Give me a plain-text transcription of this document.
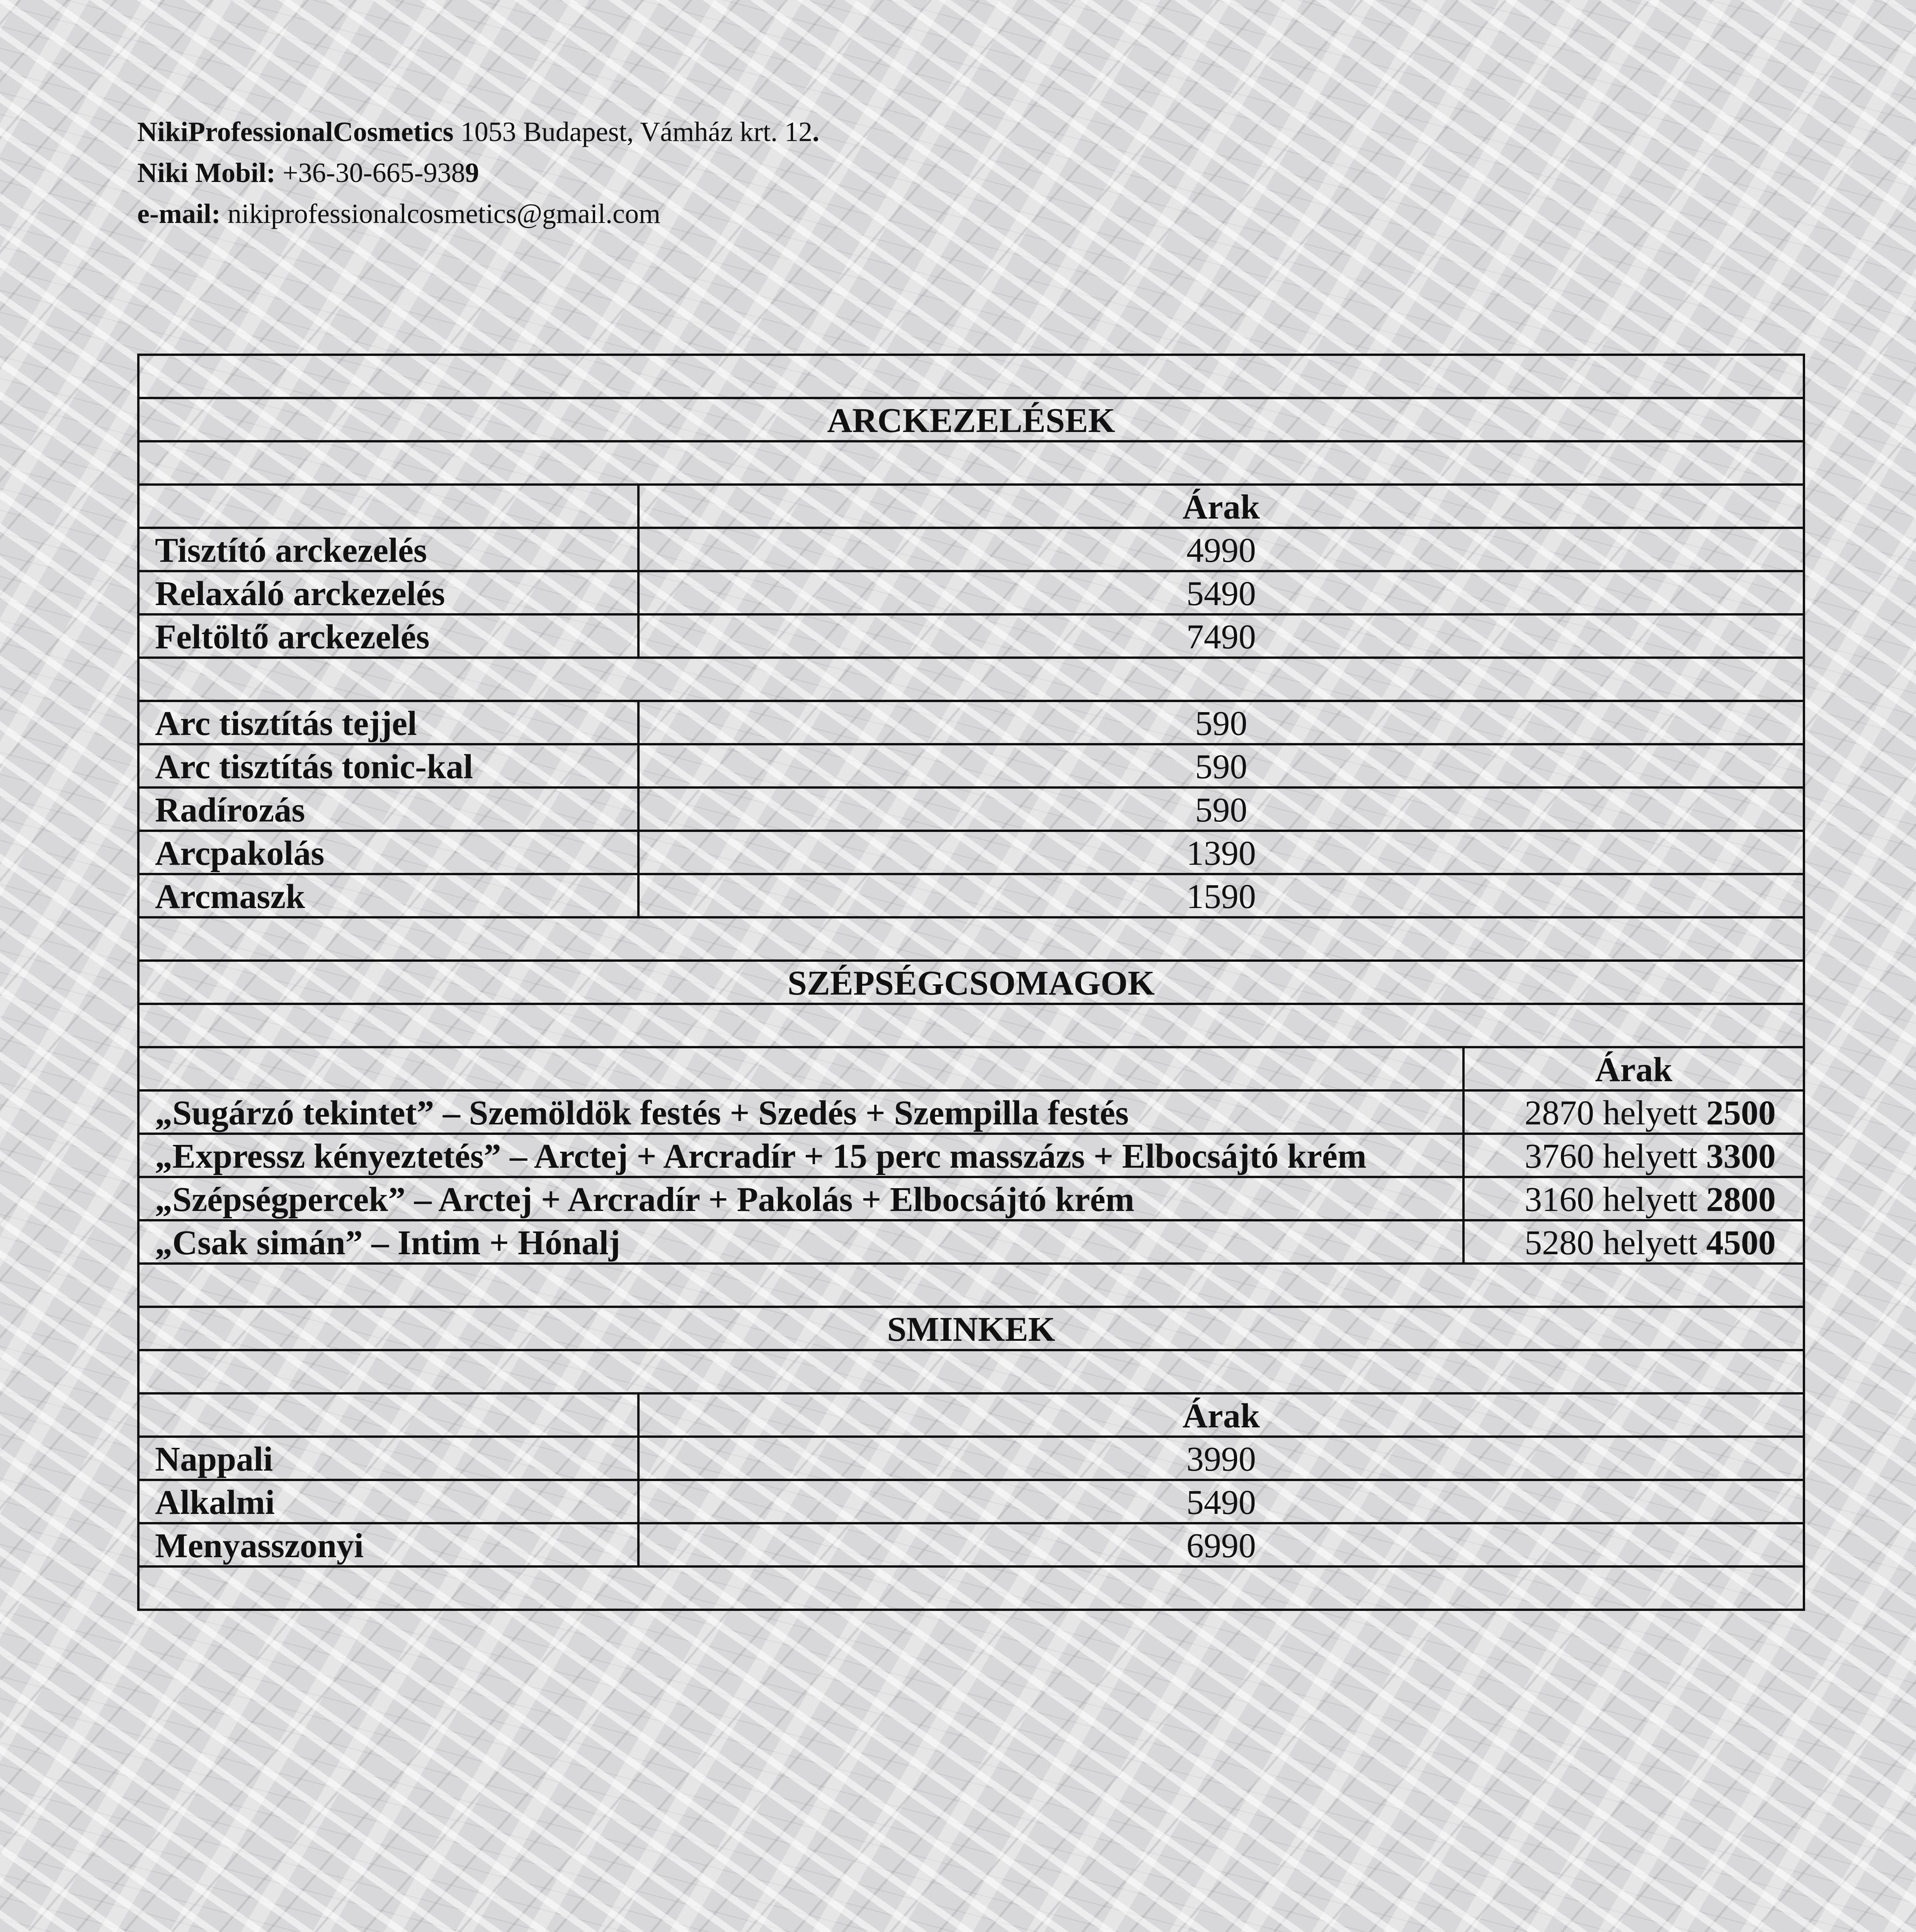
NikiProfessionalCosmetics 1053 Budapest, Vámház krt. 12.
Niki Mobil: +36-30-665-9389
e-mail: nikiprofessionalcosmetics@gmail.com

ARCKEZELÉSEK		

	Árak	
Tisztító arckezelés	4990	
Relaxáló arckezelés	5490	
Feltöltő arckezelés	7490	

Arc tisztítás tejjel	590	
Arc tisztítás tonic-kal	590	
Radírozás	590	
Arcpakolás	1390	
Arcmaszk	1590	

SZÉPSÉGCSOMAGOK		

		Árak
„Sugárzó tekintet” – Szemöldök festés + Szedés + Szempilla festés		2870 helyett 2500
„Expressz kényeztetés” – Arctej + Arcradír + 15 perc masszázs + Elbocsájtó krém		3760 helyett 3300
„Szépségpercek” – Arctej + Arcradír + Pakolás + Elbocsájtó krém		3160 helyett 2800
„Csak simán” – Intim + Hónalj		5280 helyett 4500

SMINKEK		

	Árak	
Nappali	3990	
Alkalmi	5490	
Menyasszonyi	6990	
